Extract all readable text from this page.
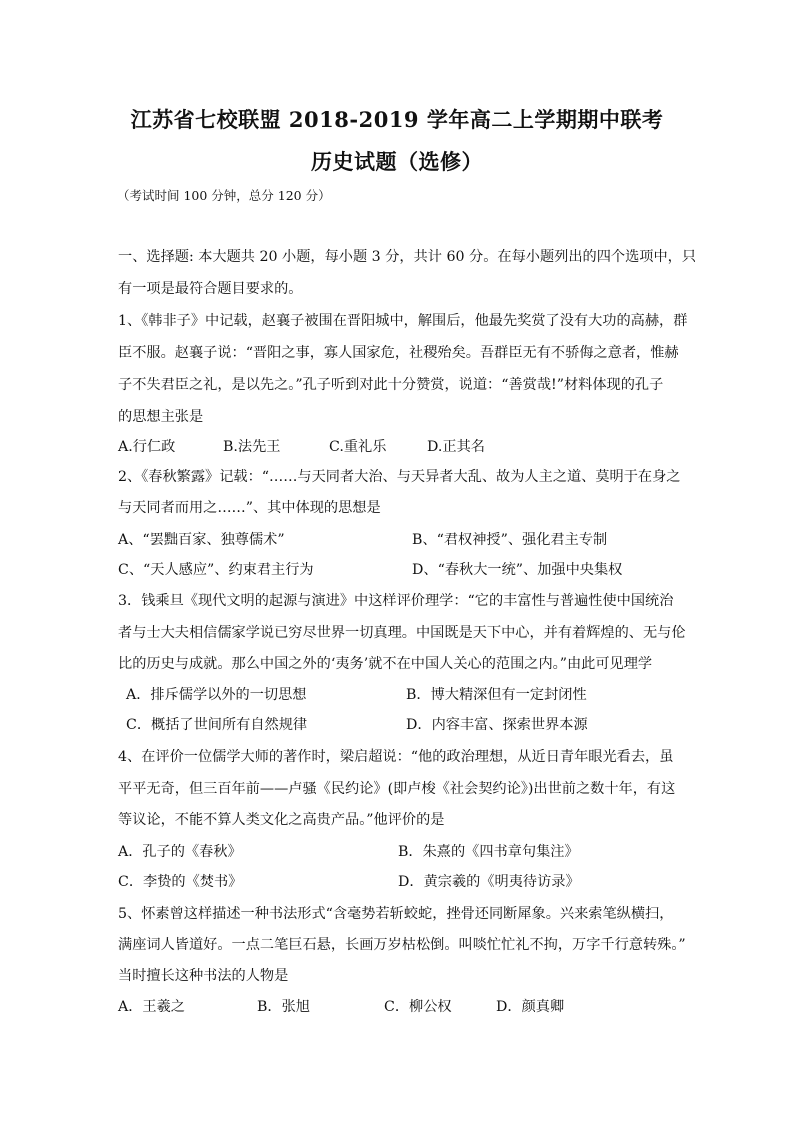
江苏省七校联盟 2018-2019 学年高二上学期期中联考
历史试题（选修）
（考试时间 100 分钟，总分 120 分）
一、选择题: 本大题共 20 小题，每小题 3 分，共计 60 分。在每小题列出的四个选项中，只
有一项是最符合题目要求的。
1、《韩非子》中记载，赵襄子被围在晋阳城中，解围后，他最先奖赏了没有大功的高赫，群
臣不服。赵襄子说：“晋阳之事，寡人国家危，社稷殆矣。吾群臣无有不骄侮之意者，惟赫
子不失君臣之礼，是以先之。”孔子听到对此十分赞赏，说道：“善赏哉!”材料体现的孔子
的思想主张是
A.行仁政	B.法先王	C.重礼乐	D.正其名
2、《春秋繁露》记载：“……与天同者大治、与天异者大乱、故为人主之道、莫明于在身之
与天同者而用之……”、其中体现的思想是
A、“罢黜百家、独尊儒术”	B、“君权神授”、强化君主专制
C、“天人感应”、约束君主行为	D、“春秋大一统”、加强中央集权
3．钱乘旦《现代文明的起源与演进》中这样评价理学：“它的丰富性与普遍性使中国统治
者与士大夫相信儒家学说已穷尽世界一切真理。中国既是天下中心，并有着辉煌的、无与伦
比的历史与成就。那么中国之外的‘夷务’就不在中国人关心的范围之内。”由此可见理学
A．排斥儒学以外的一切思想	B．博大精深但有一定封闭性
C．概括了世间所有自然规律	D．内容丰富、探索世界本源
4、在评价一位儒学大师的著作时，梁启超说：“他的政治理想，从近日青年眼光看去，虽
平平无奇，但三百年前——卢骚《民约论》(即卢梭《社会契约论》)出世前之数十年，有这
等议论，不能不算人类文化之高贵产品。”他评价的是
A．孔子的《春秋》	B．朱熹的《四书章句集注》
C．李贽的《焚书》	D．黄宗羲的《明夷待访录》
5、怀素曾这样描述一种书法形式“含毫势若斩蛟蛇，挫骨还同断犀象。兴来索笔纵横扫，
满座词人皆道好。一点二笔巨石悬，长画万岁枯松倒。叫啖忙忙礼不拘，万字千行意转殊。”
当时擅长这种书法的人物是
A．王羲之	B．张旭	C．柳公权	D．颜真卿
